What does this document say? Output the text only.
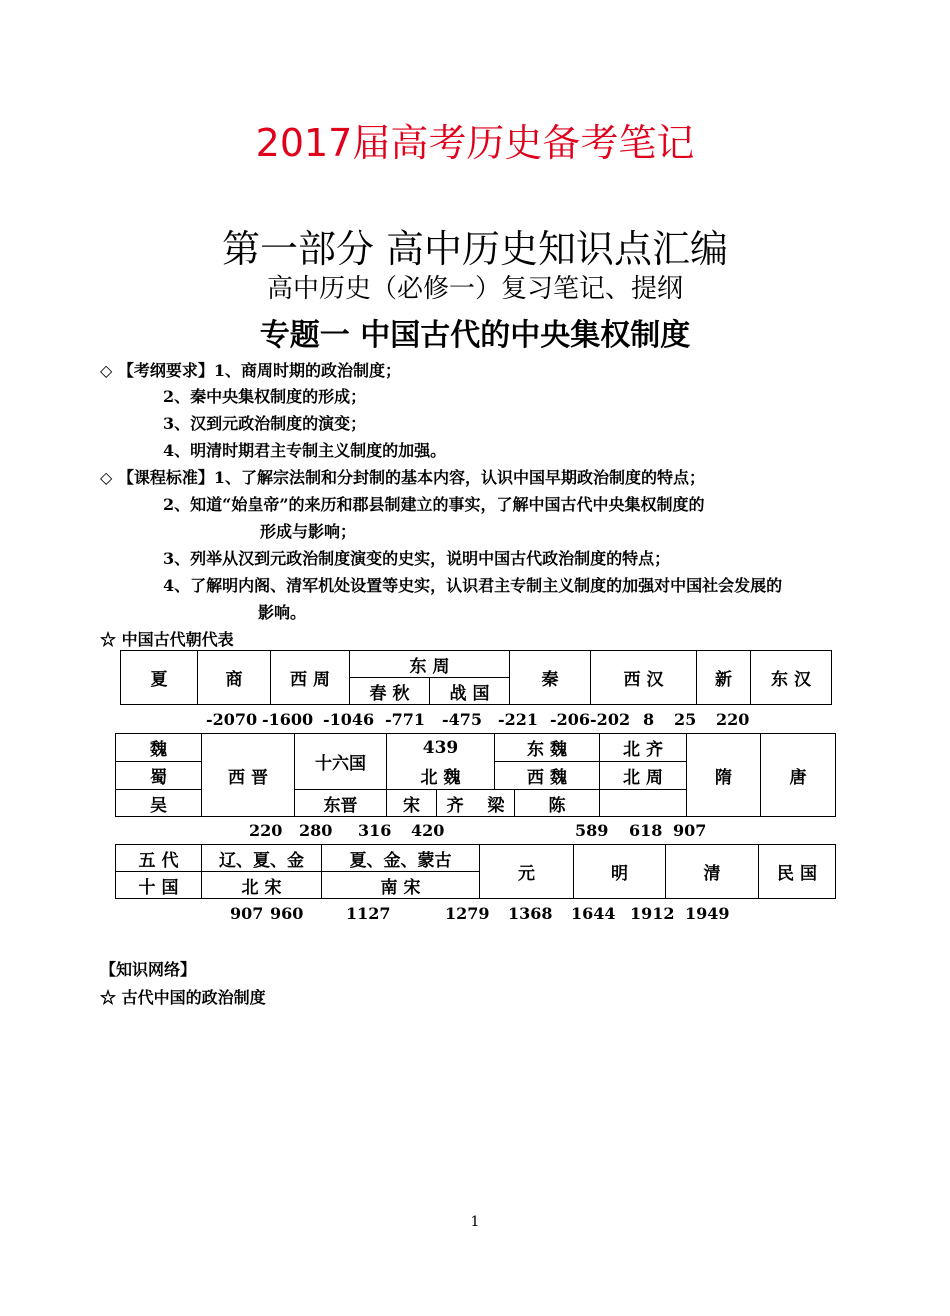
2017届高考历史备考笔记
第一部分 高中历史知识点汇编
高中历史（必修一）复习笔记、提纲
专题一 中国古代的中央集权制度
◇ 【考纲要求】1、商周时期的政治制度；
2、秦中央集权制度的形成；
3、汉到元政治制度的演变；
4、明清时期君主专制主义制度的加强。
◇ 【课程标准】1、了解宗法制和分封制的基本内容，认识中国早期政治制度的特点；
2、知道“始皇帝”的来历和郡县制建立的事实，了解中国古代中央集权制度的
形成与影响；
3、列举从汉到元政治制度演变的史实，说明中国古代政治制度的特点；
4、了解明内阁、清军机处设置等史实，认识君主专制主义制度的加强对中国社会发展的
影响。
☆ 中国古代朝代表
夏	商	西 周	东 周		秦	西 汉	新	东 汉
			春 秋	战 国				
-2070 -1600 -1046 -771 -475 -221 -206-202 8 25 220
魏	西 晋	十六国	439		东 魏		北 齐	隋	唐
蜀			北 魏		西 魏		北 周		
吴		东晋	宋	齐 梁		陈			
220 280 316 420	589 618 907
五 代	辽、夏、金	夏、金、蒙古	元	明	清	民 国
十 国	北 宋	南 宋				
907 960	1127	1279 1368 1644 1912 1949
【知识网络】
☆ 古代中国的政治制度
1
